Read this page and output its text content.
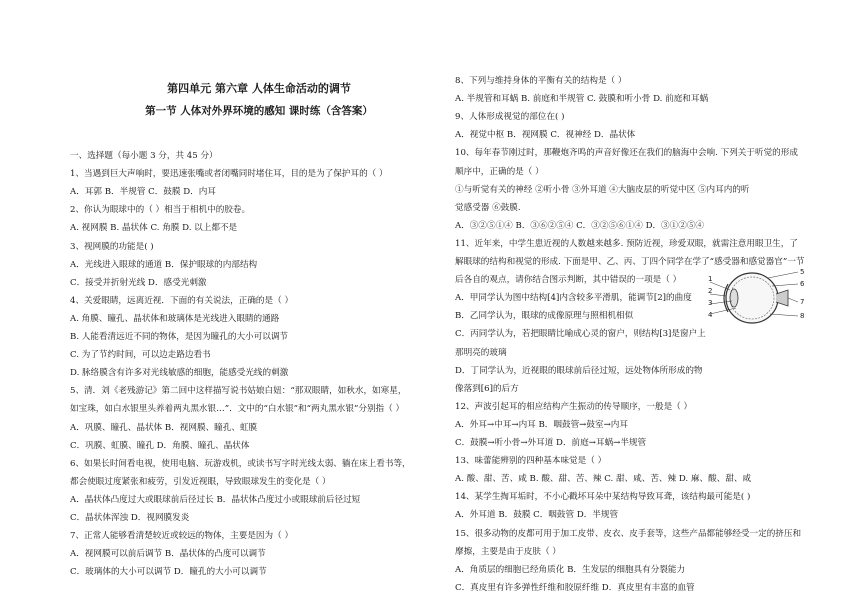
第四单元 第六章 人体生命活动的调节
第一节 人体对外界环境的感知 课时练（含答案）
一、选择题（每小题 3 分，共 45 分）
1、当遇到巨大声响时，要迅速张嘴或者闭嘴同时堵住耳，目的是为了保护耳的（ ）
A．耳郭 B．半规管 C．鼓膜 D．内耳
2、你认为眼球中的（ ）相当于相机中的胶卷。
A. 视网膜 B. 晶状体 C. 角膜 D. 以上都不是
3、视网膜的功能是( )
A．光线进入眼球的通道 B．保护眼球的内部结构
C．接受并折射光线 D．感受光刺激
4、关爱眼睛，远离近视．下面的有关说法，正确的是（ ）
A. 角膜、瞳孔、晶状体和玻璃体是光线进入眼睛的通路
B. 人能看清远近不同的物体，是因为瞳孔的大小可以调节
C. 为了节约时间，可以边走路边看书
D. 脉络膜含有许多对光线敏感的细胞，能感受光线的刺激
5、清．刘《老残游记》第二回中这样描写说书姑娘白妞：“那双眼睛，如秋水，如寒星，
如宝珠，如白水银里头养着两丸黑水银…”．文中的“白水银”和“两丸黑水银”分别指（ ）
A．巩膜、瞳孔、晶状体 B．视网膜、瞳孔、虹膜
C．巩膜、虹膜、瞳孔 D．角膜、瞳孔、晶状体
6、如果长时间看电视，使用电脑、玩游戏机，或读书写字时光线太弱、躺在床上看书等，
都会使眼过度紧张和疲劳，引发近视眼，导致眼球发生的变化是（ ）
A．晶状体凸度过大或眼球前后径过长 B．晶状体凸度过小或眼球前后径过短
C．晶状体浑浊 D．视网膜发炎
7、正常人能够看清楚较近或较远的物体，主要是因为（ ）
A．视网膜可以前后调节 B．晶状体的凸度可以调节
C．玻璃体的大小可以调节 D．瞳孔的大小可以调节
8、下列与维持身体的平衡有关的结构是（ ）
A. 半规管和耳蜗 B. 前庭和半规管 C. 鼓膜和听小骨 D. 前庭和耳蜗
9、人体形成视觉的部位在( )
A．视觉中枢 B．视网膜 C．视神经 D．晶状体
10、每年春节刚过时，那鞭炮齐鸣的声音好像还在我们的脑海中会响. 下列关于听觉的形成
顺序中，正确的是（ ）
①与听觉有关的神经 ②听小骨 ③外耳道 ④大脑皮层的听觉中区 ⑤内耳内的听
觉感受器 ⑥鼓膜.
A．③②⑤①④ B．③⑥②⑤④ C．③②⑤⑥①④ D．③①②⑤④
11、近年来，中学生患近视的人数越来越多. 预防近视，珍爱双眼，就需注意用眼卫生，了
解眼球的结构和视觉的形成. 下面是甲、乙、丙、丁四个同学在学了“感受器和感觉器官”一节
后各自的观点，请你结合图示判断，其中错误的一项是（ ）
A．甲同学认为图中结构[4]内含较多平滑肌，能调节[2]的曲度
B．乙同学认为，眼球的成像原理与照相机相似
C．丙同学认为，若把眼睛比喻成心灵的窗户，则结构[3]是窗户上
那明亮的玻璃
D．丁同学认为，近视眼的眼球前后径过短，远处物体所形成的物
像落到[6]的后方
12、声波引起耳的相应结构产生振动的传导顺序，一般是（ ）
A．外耳→中耳→内耳 B．咽鼓管→鼓室→内耳
C．鼓膜→听小骨→外耳道 D．前庭→耳蜗→半规管
13、味蕾能辨别的四种基本味觉是（ ）
A. 酸、甜、苦、咸 B. 酸、甜、苦、辣 C. 甜、咸、苦、辣 D. 麻、酸、甜、咸
14、某学生掏耳垢时，不小心戳坏耳朵中某结构导致耳聋，该结构最可能是( )
A．外耳道 B．鼓膜 C．咽鼓管 D．半规管
15、很多动物的皮都可用于加工皮带、皮衣、皮手套等，这些产品都能够经受一定的挤压和
摩擦，主要是由于皮肤（ ）
A．角质层的细胞已经角质化 B．生发层的细胞具有分裂能力
C．真皮里有许多弹性纤维和胶原纤维 D．真皮里有丰富的血管
1
2
3
4
5
6
7
8
